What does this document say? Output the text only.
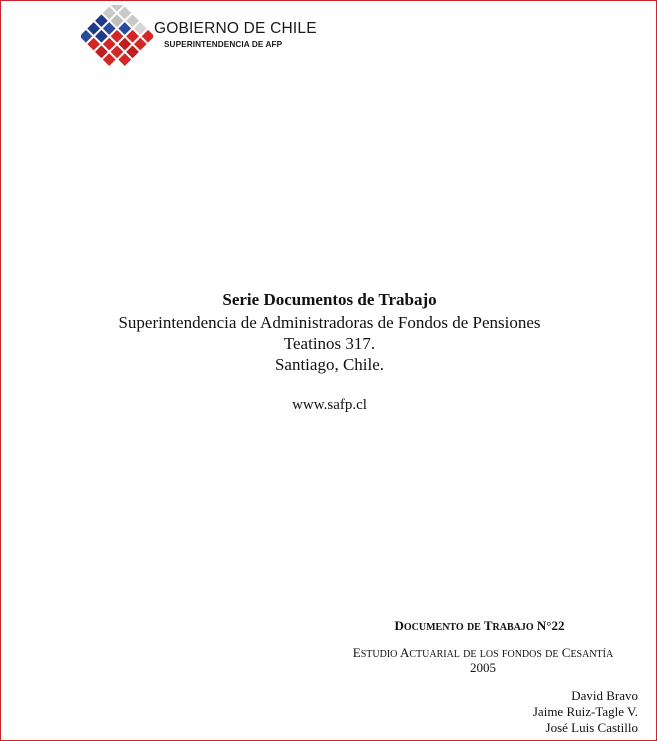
GOBIERNO DE CHILE
SUPERINTENDENCIA DE AFP
Serie Documentos de Trabajo
Superintendencia de Administradoras de Fondos de Pensiones
Teatinos 317.
Santiago, Chile.
www.safp.cl
DOCUMENTO DE TRABAJO N°22
ESTUDIO ACTUARIAL DE LOS FONDOS DE CESANTÍA
2005
David Bravo
Jaime Ruiz-Tagle V.
José Luis Castillo
